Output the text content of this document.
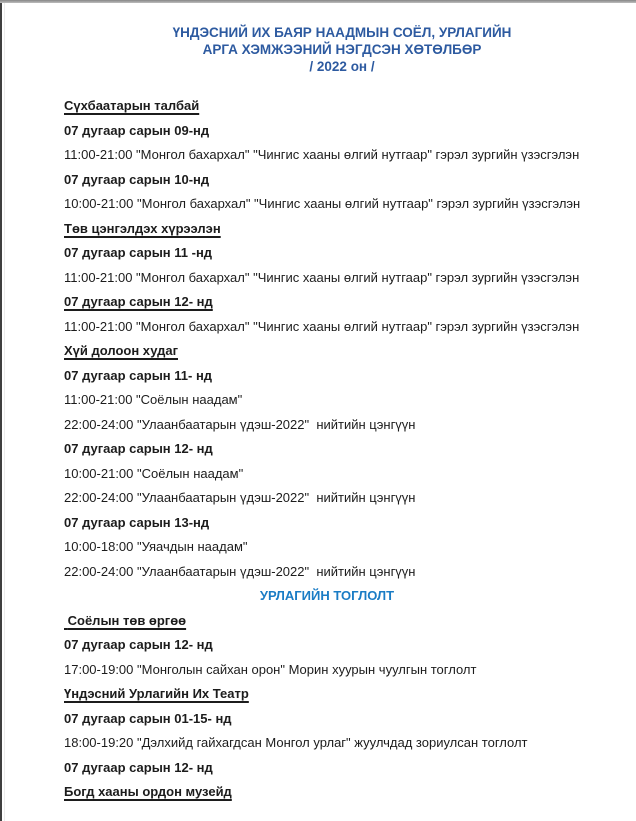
ҮНДЭСНИЙ ИХ БАЯР НААДМЫН СОЁЛ, УРЛАГИЙН
АРГА ХЭМЖЭЭНИЙ НЭГДСЭН ХӨТӨЛБӨР
/ 2022 он /
Сүхбаатарын талбай
07 дугаар сарын 09-нд
11:00-21:00 "Монгол бахархал" "Чингис хааны өлгий нутгаар" гэрэл зургийн үзэсгэлэн
07 дугаар сарын 10-нд
10:00-21:00 "Монгол бахархал" "Чингис хааны өлгий нутгаар" гэрэл зургийн үзэсгэлэн
Төв цэнгэлдэх хүрээлэн
07 дугаар сарын 11 -нд
11:00-21:00 "Монгол бахархал" "Чингис хааны өлгий нутгаар" гэрэл зургийн үзэсгэлэн
07 дугаар сарын 12- нд
11:00-21:00 "Монгол бахархал" "Чингис хааны өлгий нутгаар" гэрэл зургийн үзэсгэлэн
Хүй долоон худаг
07 дугаар сарын 11- нд
11:00-21:00 "Соёлын наадам"
22:00-24:00 "Улаанбаатарын үдэш-2022"  нийтийн цэнгүүн
07 дугаар сарын 12- нд
10:00-21:00 "Соёлын наадам"
22:00-24:00 "Улаанбаатарын үдэш-2022"  нийтийн цэнгүүн
07 дугаар сарын 13-нд
10:00-18:00 "Уяачдын наадам"
22:00-24:00 "Улаанбаатарын үдэш-2022"  нийтийн цэнгүүн
УРЛАГИЙН ТОГЛОЛТ
Соёлын төв өргөө
07 дугаар сарын 12- нд
17:00-19:00 "Монголын сайхан орон" Морин хуурын чуулгын тоглолт
Үндэсний Урлагийн Их Театр
07 дугаар сарын 01-15- нд
18:00-19:20 "Дэлхийд гайхагдсан Монгол урлаг" жуулчдад зориулсан тоглолт
07 дугаар сарын 12- нд
Богд хааны ордон музейд
